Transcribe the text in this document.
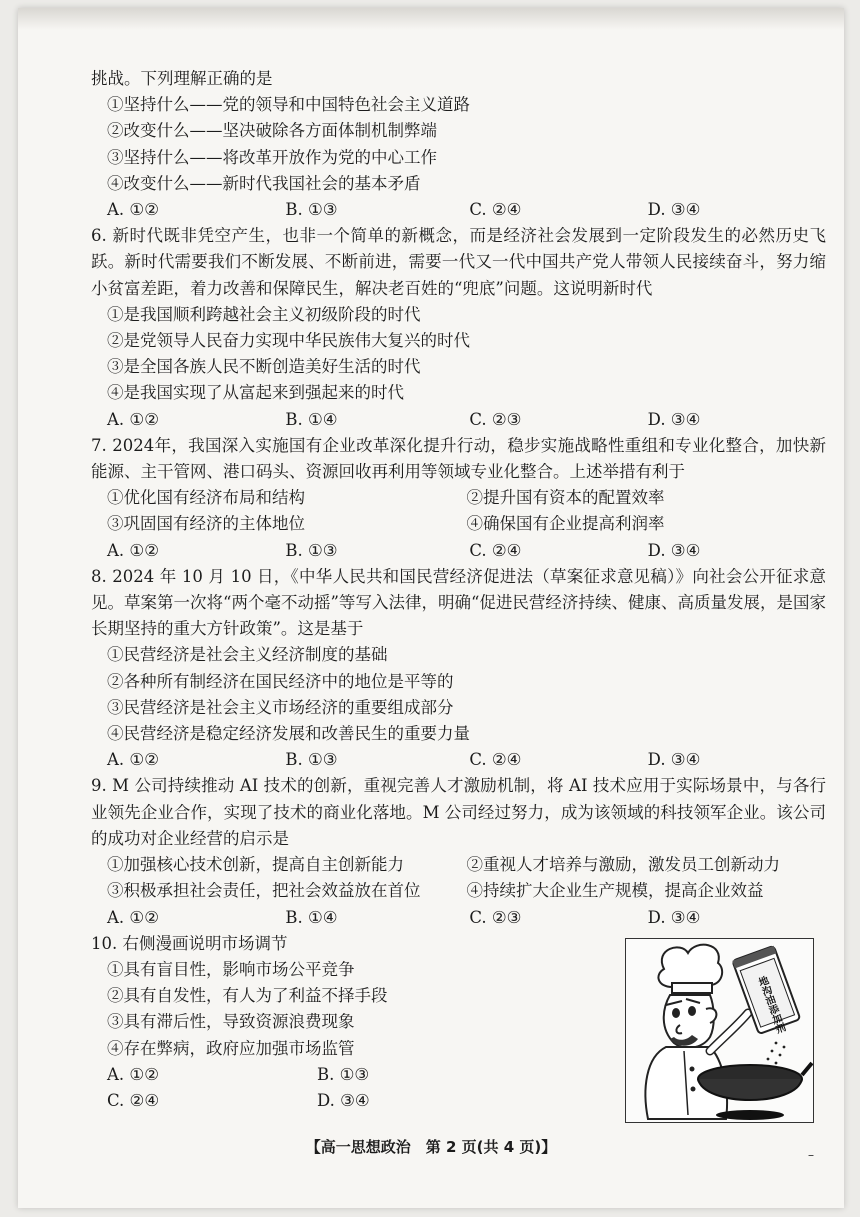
挑战。下列理解正确的是
①坚持什么——党的领导和中国特色社会主义道路
②改变什么——坚决破除各方面体制机制弊端
③坚持什么——将改革开放作为党的中心工作
④改变什么——新时代我国社会的基本矛盾
A. ①②	B. ①③	C. ②④	D. ③④
6. 新时代既非凭空产生，也非一个简单的新概念，而是经济社会发展到一定阶段发生的必然历史飞跃。新时代需要我们不断发展、不断前进，需要一代又一代中国共产党人带领人民接续奋斗，努力缩小贫富差距，着力改善和保障民生，解决老百姓的“兜底”问题。这说明新时代
①是我国顺利跨越社会主义初级阶段的时代
②是党领导人民奋力实现中华民族伟大复兴的时代
③是全国各族人民不断创造美好生活的时代
④是我国实现了从富起来到强起来的时代
A. ①②	B. ①④	C. ②③	D. ③④
7. 2024年，我国深入实施国有企业改革深化提升行动，稳步实施战略性重组和专业化整合，加快新能源、主干管网、港口码头、资源回收再利用等领域专业化整合。上述举措有利于
①优化国有经济布局和结构	②提升国有资本的配置效率
③巩固国有经济的主体地位	④确保国有企业提高利润率
A. ①②	B. ①③	C. ②④	D. ③④
8. 2024 年 10 月 10 日，《中华人民共和国民营经济促进法（草案征求意见稿）》向社会公开征求意见。草案第一次将“两个毫不动摇”等写入法律，明确“促进民营经济持续、健康、高质量发展，是国家长期坚持的重大方针政策”。这是基于
①民营经济是社会主义经济制度的基础
②各种所有制经济在国民经济中的地位是平等的
③民营经济是社会主义市场经济的重要组成部分
④民营经济是稳定经济发展和改善民生的重要力量
A. ①②	B. ①③	C. ②④	D. ③④
9. M 公司持续推动 AI 技术的创新，重视完善人才激励机制，将 AI 技术应用于实际场景中，与各行业领先企业合作，实现了技术的商业化落地。M 公司经过努力，成为该领域的科技领军企业。该公司的成功对企业经营的启示是
①加强核心技术创新，提高自主创新能力	②重视人才培养与激励，激发员工创新动力
③积极承担社会责任，把社会效益放在首位	④持续扩大企业生产规模，提高企业效益
A. ①②	B. ①④	C. ②③	D. ③④
10. 右侧漫画说明市场调节
①具有盲目性，影响市场公平竞争
②具有自发性，有人为了利益不择手段
③具有滞后性，导致资源浪费现象
④存在弊病，政府应加强市场监管
A. ①②	B. ①③
C. ②④	D. ③④
地沟油添加剂
【高一思想政治　第 2 页(共 4 页)】	–
